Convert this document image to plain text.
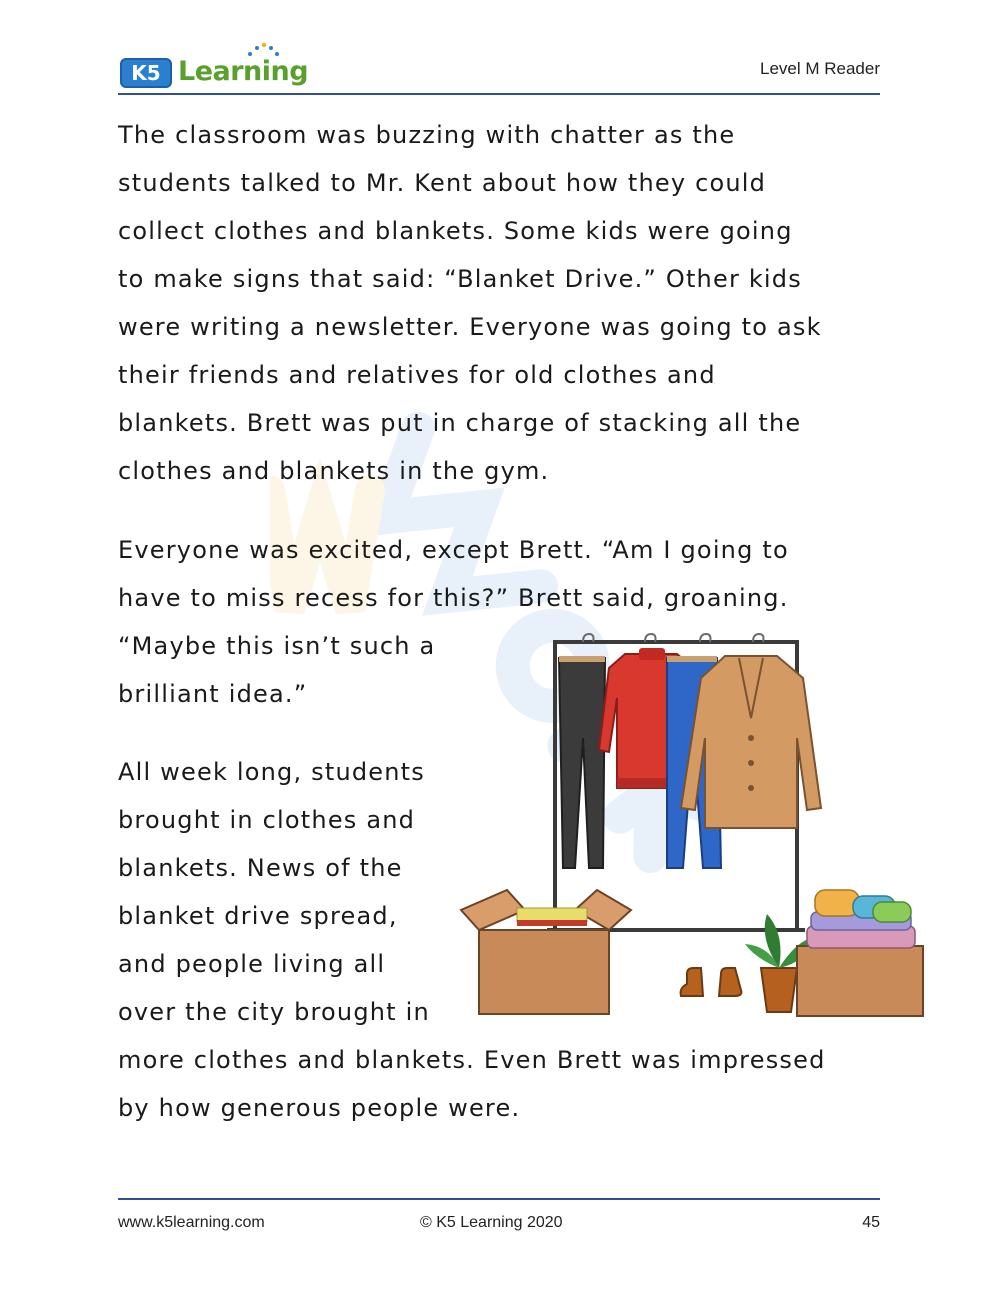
K5 Learning	Level M Reader
The classroom was buzzing with chatter as the
students talked to Mr. Kent about how they could
collect clothes and blankets. Some kids were going
to make signs that said: “Blanket Drive.” Other kids
were writing a newsletter. Everyone was going to ask
their friends and relatives for old clothes and
blankets. Brett was put in charge of stacking all the
clothes and blankets in the gym.
Everyone was excited, except Brett. “Am I going to
have to miss recess for this?” Brett said, groaning.
“Maybe this isn’t such a
brilliant idea.”
All week long, students
brought in clothes and
blankets. News of the
blanket drive spread,
and people living all
over the city brought in
more clothes and blankets. Even Brett was impressed
by how generous people were.
www.k5learning.com	© K5 Learning 2020	45
